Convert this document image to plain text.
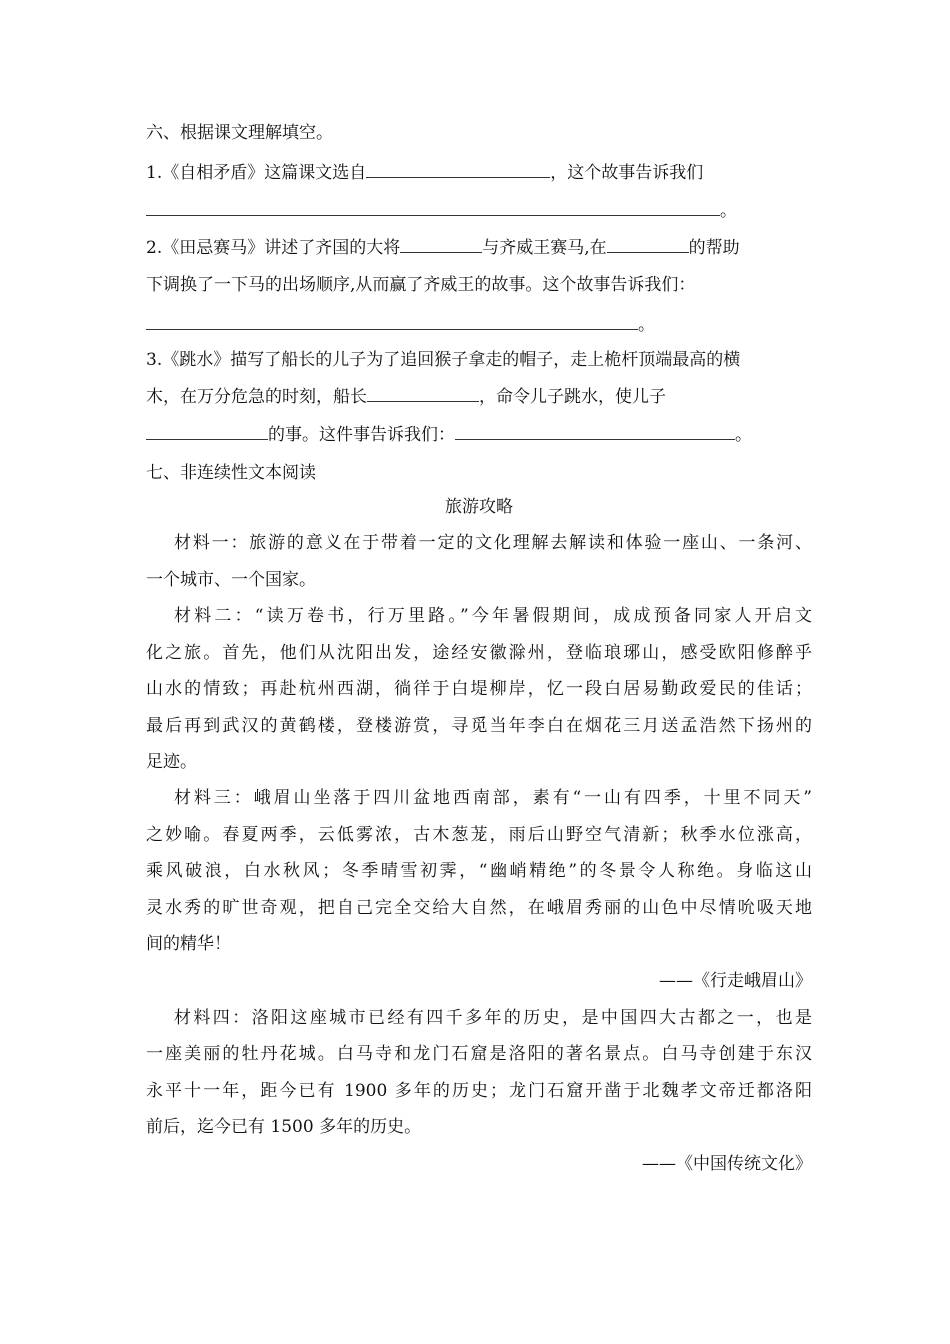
六、根据课文理解填空。
1.《自相矛盾》这篇课文选自	，这个故事告诉我们
。
2.《田忌赛马》讲述了齐国的大将	与齐威王赛马,在	的帮助
下调换了一下马的出场顺序,从而赢了齐威王的故事。这个故事告诉我们：
。
3.《跳水》描写了船长的儿子为了追回猴子拿走的帽子，走上桅杆顶端最高的横
木，在万分危急的时刻，船长	，命令儿子跳水，使儿子
的事。这件事告诉我们：	。
七、非连续性文本阅读
旅游攻略
材料一：旅游的意义在于带着一定的文化理解去解读和体验一座山、一条河、
一个城市、一个国家。
材料二：“读万卷书，行万里路。”今年暑假期间，成成预备同家人开启文
化之旅。首先，他们从沈阳出发，途经安徽滁州，登临琅琊山，感受欧阳修醉乎
山水的情致；再赴杭州西湖，徜徉于白堤柳岸，忆一段白居易勤政爱民的佳话；
最后再到武汉的黄鹤楼，登楼游赏，寻觅当年李白在烟花三月送孟浩然下扬州的
足迹。
材料三：峨眉山坐落于四川盆地西南部，素有“一山有四季，十里不同天”
之妙喻。春夏两季，云低雾浓，古木葱茏，雨后山野空气清新；秋季水位涨高，
乘风破浪，白水秋风；冬季晴雪初霁，“幽峭精绝”的冬景令人称绝。身临这山
灵水秀的旷世奇观，把自己完全交给大自然，在峨眉秀丽的山色中尽情吮吸天地
间的精华！
——《行走峨眉山》
材料四：洛阳这座城市已经有四千多年的历史，是中国四大古都之一，也是
一座美丽的牡丹花城。白马寺和龙门石窟是洛阳的著名景点。白马寺创建于东汉
永平十一年，距今已有 1900 多年的历史；龙门石窟开凿于北魏孝文帝迁都洛阳
前后，迄今已有 1500 多年的历史。
——《中国传统文化》
